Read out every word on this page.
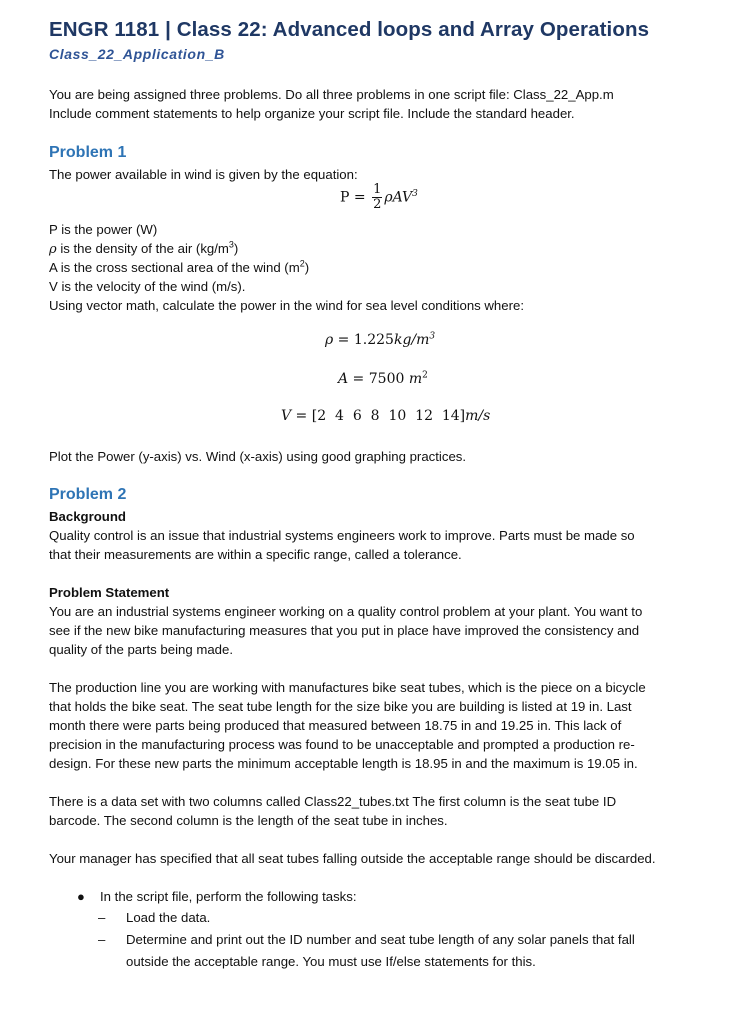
ENGR 1181 | Class 22: Advanced loops and Array Operations
Class_22_Application_B
You are being assigned three problems. Do all three problems in one script file: Class_22_App.m
Include comment statements to help organize your script file. Include the standard header.
Problem 1
The power available in wind is given by the equation:
$P = \frac{1}{2} \rho AV^3$
P is the power (W)
ρ is the density of the air $(kg/m^3)$
A is the cross sectional area of the wind $(m^2)$
V is the velocity of the wind (m/s).
Using vector math, calculate the power in the wind for sea level conditions where:
$\rho = 1.225kg/m^3$
A = 7500 $m^2$
V = [2  4  6  8  10  12  14]m/s
Plot the Power (y-axis) vs. Wind (x-axis) using good graphing practices.
Problem 2
Background
Quality control is an issue that industrial systems engineers work to improve. Parts must be made so
that their measurements are within a specific range, called a tolerance.
Problem Statement
You are an industrial systems engineer working on a quality control problem at your plant. You want to
see if the new bike manufacturing measures that you put in place have improved the consistency and
quality of the parts being made.
The production line you are working with manufactures bike seat tubes, which is the piece on a bicycle
that holds the bike seat. The seat tube length for the size bike you are building is listed at 19 in. Last
month there were parts being produced that measured between 18.75 in and 19.25 in. This lack of
precision in the manufacturing process was found to be unacceptable and prompted a production re-
design. For these new parts the minimum acceptable length is 18.95 in and the maximum is 19.05 in.
There is a data set with two columns called Class22_tubes.txt The first column is the seat tube ID
barcode. The second column is the length of the seat tube in inches.
Your manager has specified that all seat tubes falling outside the acceptable range should be discarded.
● In the script file, perform the following tasks:
– Load the data.
– Determine and print out the ID number and seat tube length of any solar panels that fall
outside the acceptable range. You must use If/else statements for this.
